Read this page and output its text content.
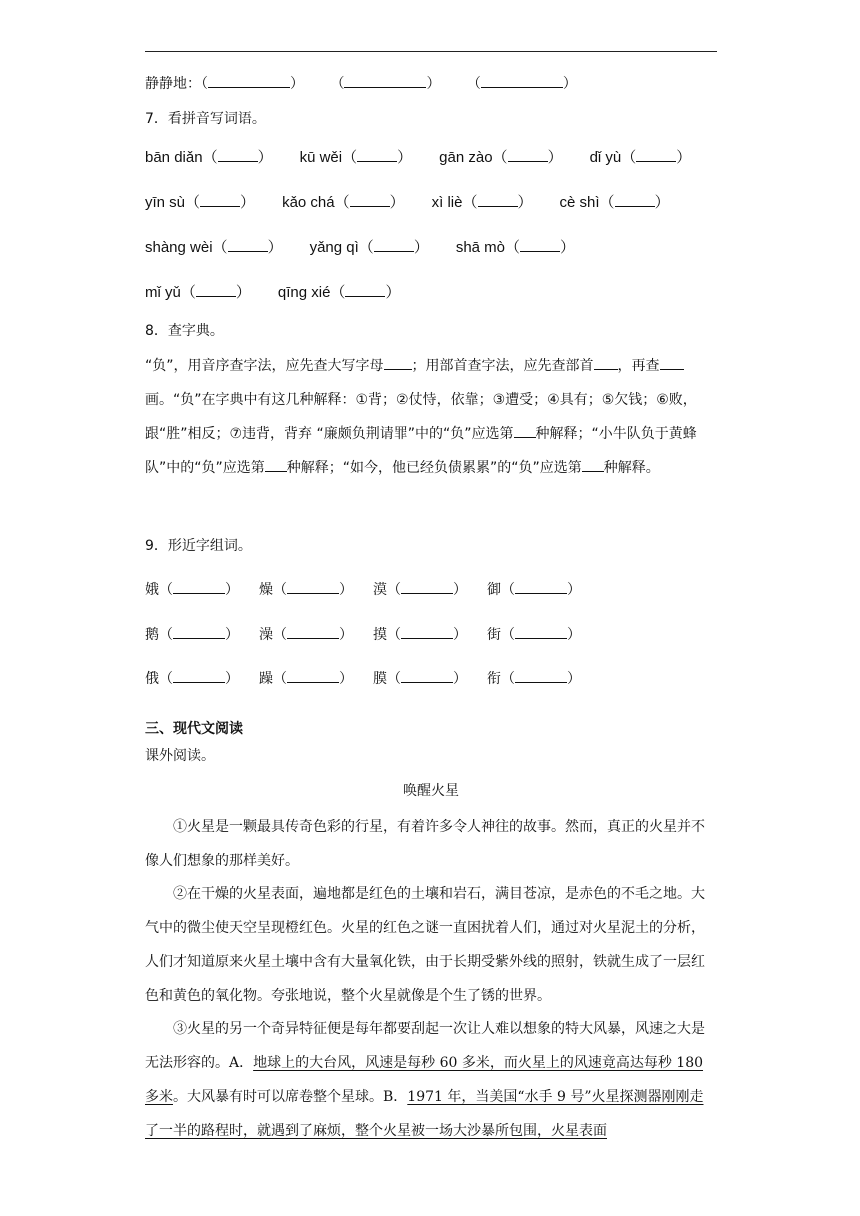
静静地：（	） （	） （	）
7．看拼音写词语。
bān diǎn（	） kū wěi（	） gān zào（	） dǐ yù（	）
yīn sù（	） kǎo chá（	） xì liè（	） cè shì（	）
shàng wèi（	） yǎng qì（	） shā mò（	）
mǐ yǔ（	） qīng xié（	）
8．查字典。
“负”，用音序查字法，应先查大写字母 ；用部首查字法，应先查部首 ，再查画。“负”在字典中有这几种解释：①背；②仗恃，依靠；③遭受；④具有；⑤欠钱；⑥败，跟“胜”相反；⑦违背，背弃 “廉颇负荆请罪”中的“负”应选第 种解释；“小牛队负于黄蜂队”中的“负”应选第 种解释；“如今，他已经负债累累”的“负”应选第 种解释。
9．形近字组词。
娥（	） 燥（	） 漠（	） 御（	）
鹅（	） 澡（	） 摸（	） 街（	）
俄（	） 躁（	） 膜（	） 衔（	）
三、现代文阅读
课外阅读。
唤醒火星
①火星是一颗最具传奇色彩的行星，有着许多令人神往的故事。然而，真正的火星并不像人们想象的那样美好。
②在干燥的火星表面，遍地都是红色的土壤和岩石，满目苍凉，是赤色的不毛之地。大气中的微尘使天空呈现橙红色。火星的红色之谜一直困扰着人们，通过对火星泥土的分析，人们才知道原来火星土壤中含有大量氧化铁，由于长期受紫外线的照射，铁就生成了一层红色和黄色的氧化物。夸张地说，整个火星就像是个生了锈的世界。
③火星的另一个奇异特征便是每年都要刮起一次让人难以想象的特大风暴，风速之大是无法形容的。A．地球上的大台风，风速是每秒 60 多米，而火星上的风速竟高达每秒 180 多米。大风暴有时可以席卷整个星球。B．1971 年，当美国“水手 9 号”火星探测器刚刚走了一半的路程时，就遇到了麻烦，整个火星被一场大沙暴所包围，火星表面
